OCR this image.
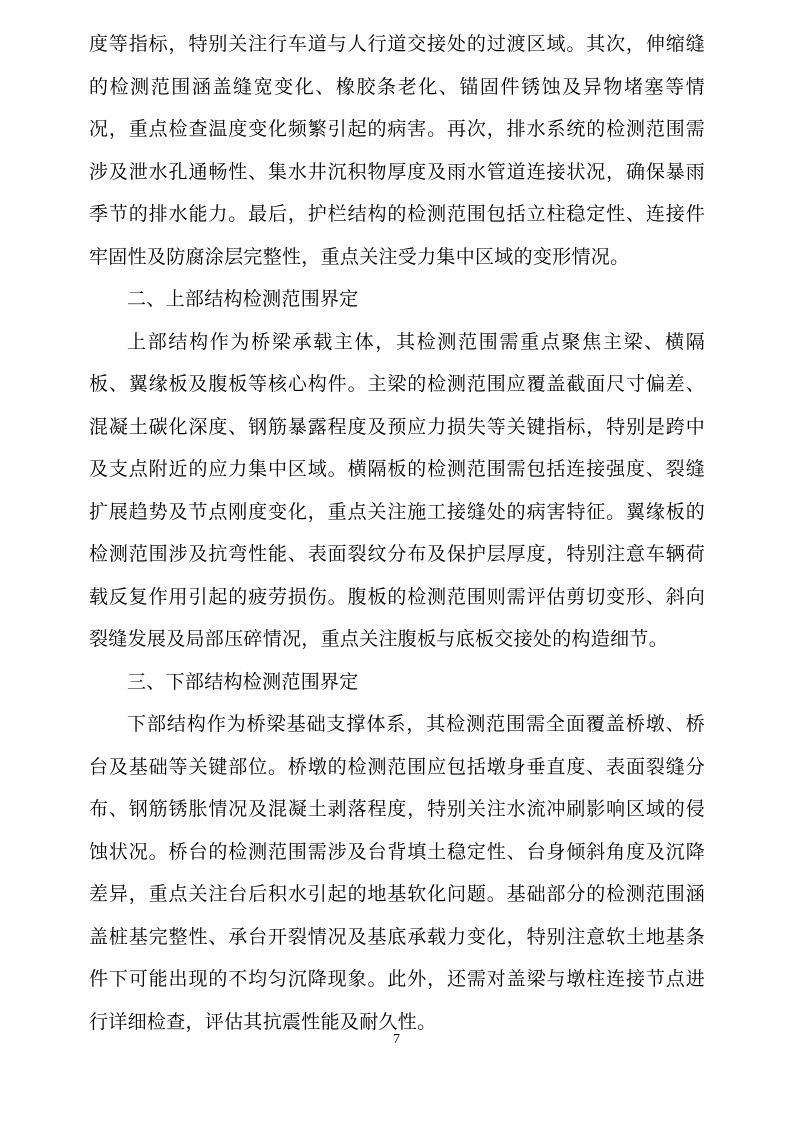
度等指标，特别关注行车道与人行道交接处的过渡区域。其次，伸缩缝的检测范围涵盖缝宽变化、橡胶条老化、锚固件锈蚀及异物堵塞等情况，重点检查温度变化频繁引起的病害。再次，排水系统的检测范围需涉及泄水孔通畅性、集水井沉积物厚度及雨水管道连接状况，确保暴雨季节的排水能力。最后，护栏结构的检测范围包括立柱稳定性、连接件牢固性及防腐涂层完整性，重点关注受力集中区域的变形情况。

二、上部结构检测范围界定

上部结构作为桥梁承载主体，其检测范围需重点聚焦主梁、横隔板、翼缘板及腹板等核心构件。主梁的检测范围应覆盖截面尺寸偏差、混凝土碳化深度、钢筋暴露程度及预应力损失等关键指标，特别是跨中及支点附近的应力集中区域。横隔板的检测范围需包括连接强度、裂缝扩展趋势及节点刚度变化，重点关注施工接缝处的病害特征。翼缘板的检测范围涉及抗弯性能、表面裂纹分布及保护层厚度，特别注意车辆荷载反复作用引起的疲劳损伤。腹板的检测范围则需评估剪切变形、斜向裂缝发展及局部压碎情况，重点关注腹板与底板交接处的构造细节。

三、下部结构检测范围界定

下部结构作为桥梁基础支撑体系，其检测范围需全面覆盖桥墩、桥台及基础等关键部位。桥墩的检测范围应包括墩身垂直度、表面裂缝分布、钢筋锈胀情况及混凝土剥落程度，特别关注水流冲刷影响区域的侵蚀状况。桥台的检测范围需涉及台背填土稳定性、台身倾斜角度及沉降差异，重点关注台后积水引起的地基软化问题。基础部分的检测范围涵盖桩基完整性、承台开裂情况及基底承载力变化，特别注意软土地基条件下可能出现的不均匀沉降现象。此外，还需对盖梁与墩柱连接节点进行详细检查，评估其抗震性能及耐久性。

7
